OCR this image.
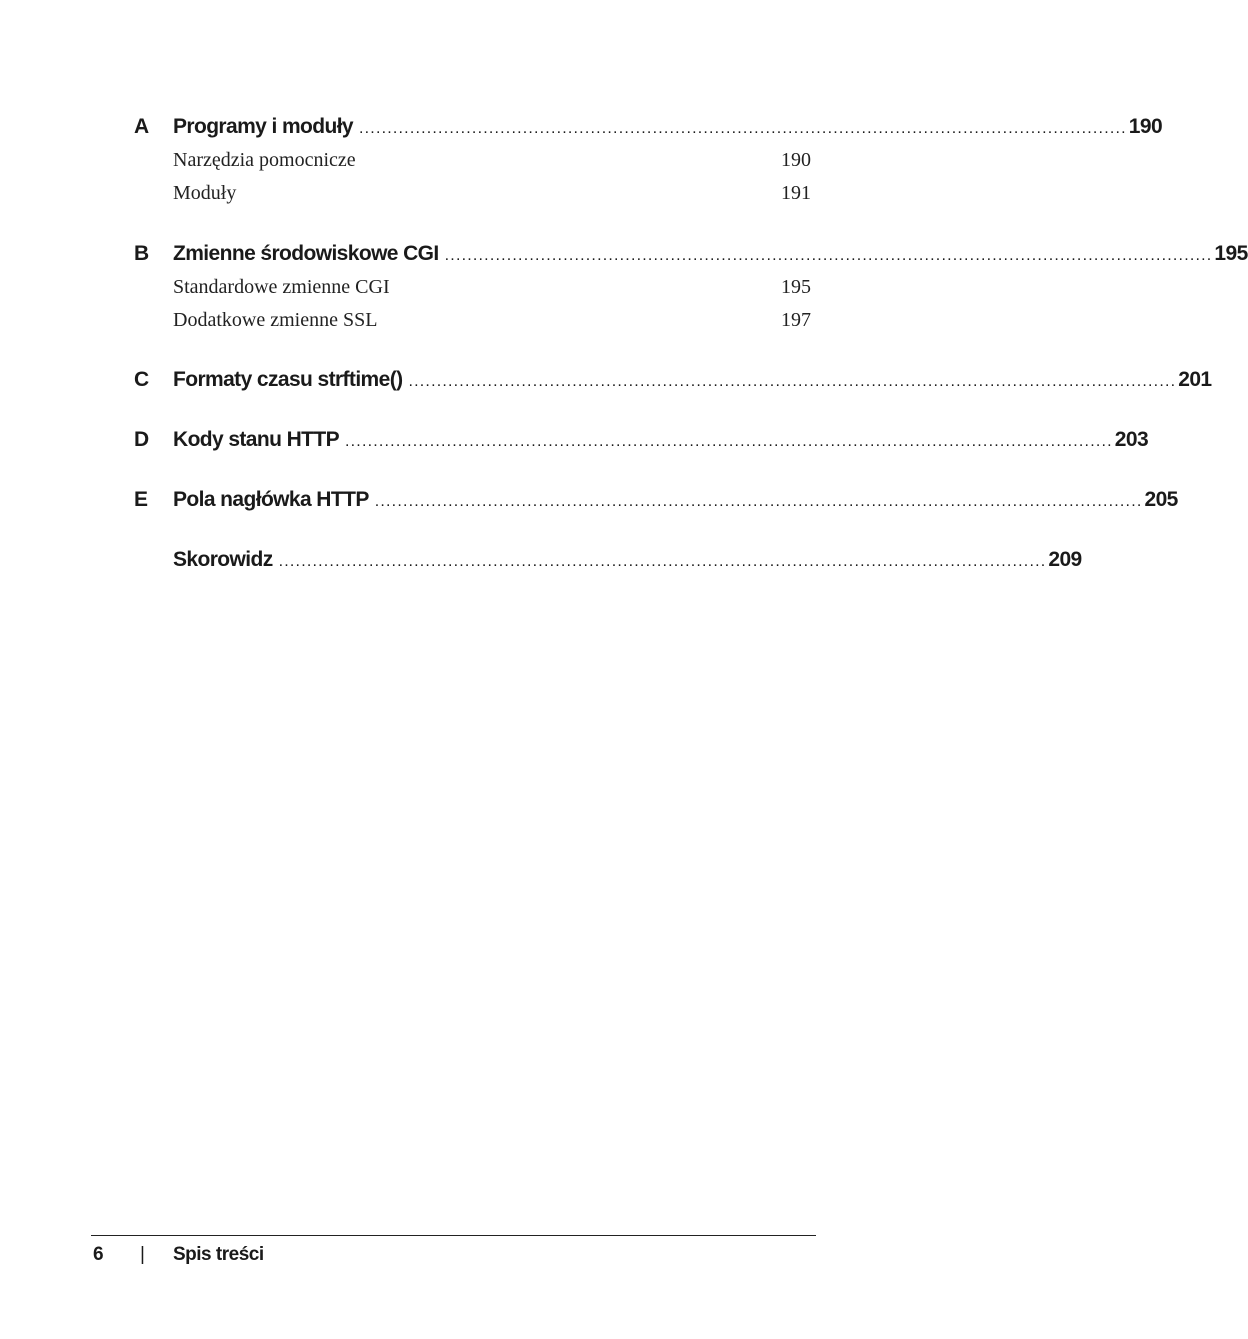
A	Programy i moduły ........................................................................................................................................ 190
Narzędzia pomocnicze	190
Moduły	191
B	Zmienne środowiskowe CGI ........................................................................................................................................ 195
Standardowe zmienne CGI	195
Dodatkowe zmienne SSL	197
C	Formaty czasu strftime() ........................................................................................................................................ 201
D	Kody stanu HTTP ........................................................................................................................................ 203
E	Pola nagłówka HTTP ........................................................................................................................................ 205
Skorowidz ........................................................................................................................................ 209
6 | Spis treści
